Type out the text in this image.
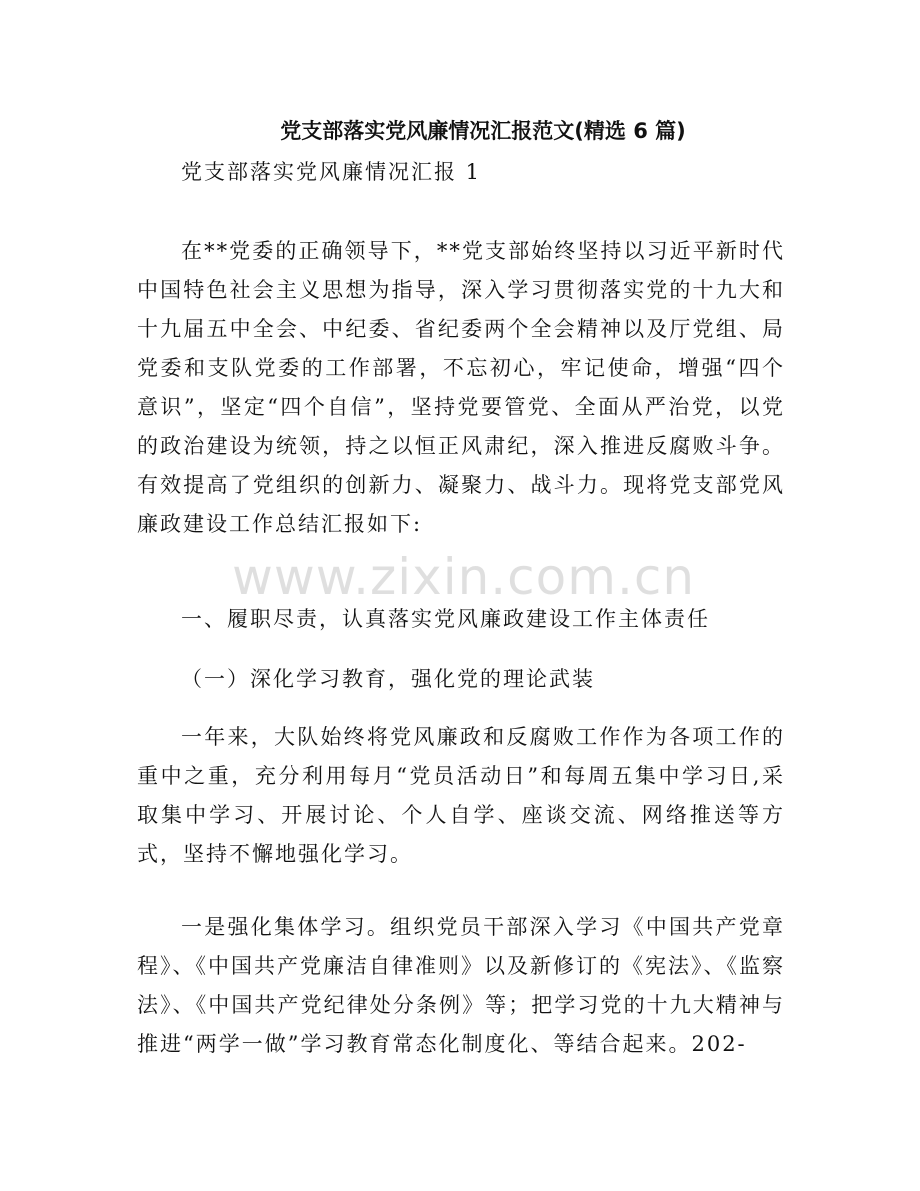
党支部落实党风廉情况汇报范文(精选 6 篇)

党支部落实党风廉情况汇报 1

在**党委的正确领导下，**党支部始终坚持以习近平新时代中国特色社会主义思想为指导，深入学习贯彻落实党的十九大和十九届五中全会、中纪委、省纪委两个全会精神以及厅党组、局党委和支队党委的工作部署，不忘初心，牢记使命，增强“四个意识”，坚定“四个自信”，坚持党要管党、全面从严治党，以党的政治建设为统领，持之以恒正风肃纪，深入推进反腐败斗争。有效提高了党组织的创新力、凝聚力、战斗力。现将党支部党风廉政建设工作总结汇报如下:

一、履职尽责，认真落实党风廉政建设工作主体责任

（一）深化学习教育，强化党的理论武装

一年来，大队始终将党风廉政和反腐败工作作为各项工作的重中之重，充分利用每月“党员活动日”和每周五集中学习日,采取集中学习、开展讨论、个人自学、座谈交流、网络推送等方式，坚持不懈地强化学习。

一是强化集体学习。组织党员干部深入学习《中国共产党章程》、《中国共产党廉洁自律准则》以及新修订的《宪法》、《监察法》、《中国共产党纪律处分条例》等；把学习党的十九大精神与推进“两学一做”学习教育常态化制度化、等结合起来。202-

www.zixin.com.cn
